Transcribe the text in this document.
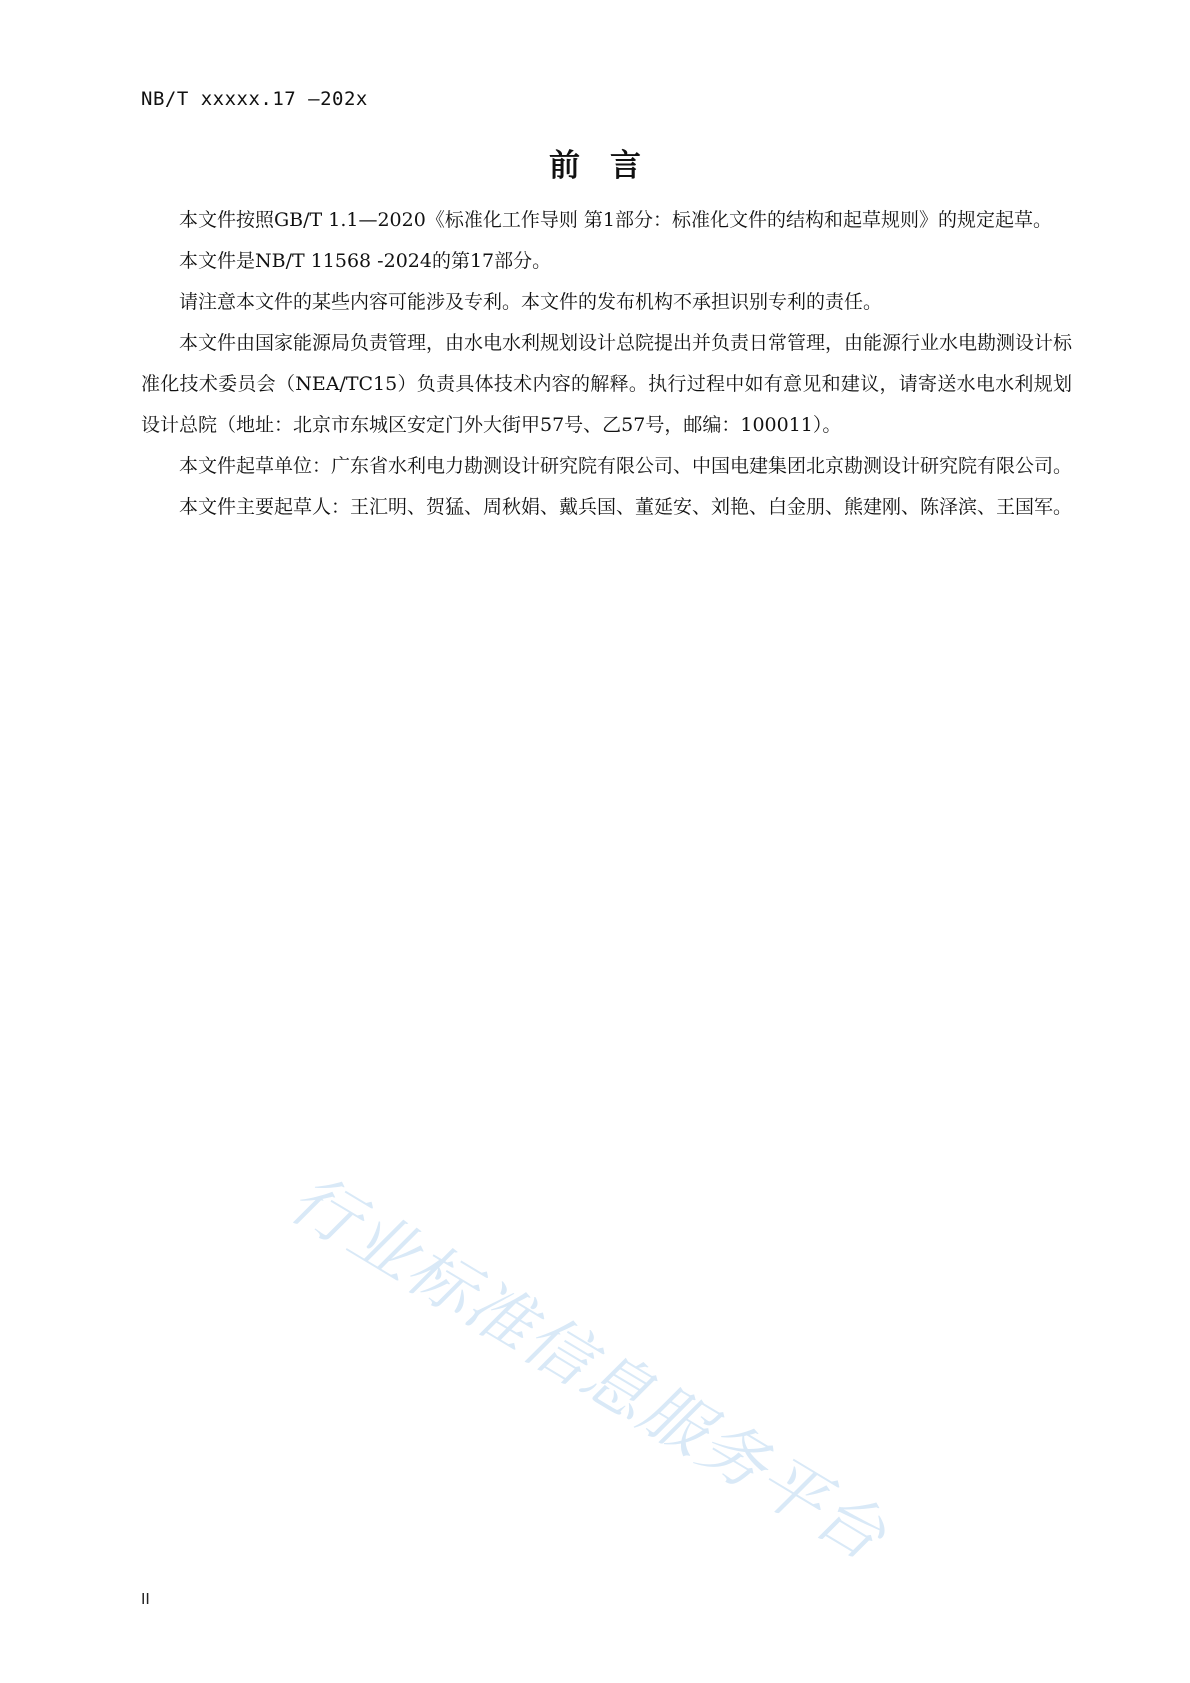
NB/T xxxxx.17 —202x
前 言

本文件按照GB/T 1.1—2020《标准化工作导则 第1部分：标准化文件的结构和起草规则》的规定起草。

本文件是NB/T 11568 -2024的第17部分。

请注意本文件的某些内容可能涉及专利。本文件的发布机构不承担识别专利的责任。

本文件由国家能源局负责管理，由水电水利规划设计总院提出并负责日常管理，由能源行业水电勘测设计标准化技术委员会（NEA/TC15）负责具体技术内容的解释。执行过程中如有意见和建议，请寄送水电水利规划设计总院（地址：北京市东城区安定门外大街甲57号、乙57号，邮编：100011）。

本文件起草单位：广东省水利电力勘测设计研究院有限公司、中国电建集团北京勘测设计研究院有限公司。

本文件主要起草人：王汇明、贺猛、周秋娟、戴兵国、董延安、刘艳、白金朋、熊建刚、陈泽滨、王国军。

行业标准信息服务平台
II
